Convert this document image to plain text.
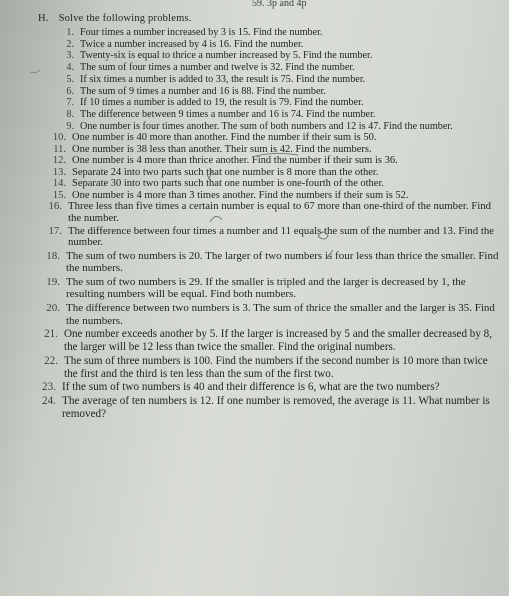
59. 3p and 4p
H. Solve the following problems.
1. Four times a number increased by 3 is 15. Find the number.
2. Twice a number increased by 4 is 16. Find the number.
3. Twenty-six is equal to thrice a number increased by 5. Find the number.
4. The sum of four times a number and twelve is 32. Find the number.
5. If six times a number is added to 33, the result is 75. Find the number.
6. The sum of 9 times a number and 16 is 88. Find the number.
7. If 10 times a number is added to 19, the result is 79. Find the number.
8. The difference between 9 times a number and 16 is 74. Find the number.
9. One number is four times another. The sum of both numbers and 12 is 47. Find the number.
10. One number is 40 more than another. Find the number if their sum is 50.
11. One number is 38 less than another. Their sum is 42. Find the numbers.
12. One number is 4 more than thrice another. Find the number if their sum is 36.
13. Separate 24 into two parts such that one number is 8 more than the other.
14. Separate 30 into two parts such that one number is one-fourth of the other.
15. One number is 4 more than 3 times another. Find the numbers if their sum is 52.
16. Three less than five times a certain number is equal to 67 more than one-third of the number. Find the number.
17. The difference between four times a number and 11 equals the sum of the number and 13. Find the number.
18. The sum of two numbers is 20. The larger of two numbers is four less than thrice the smaller. Find the numbers.
19. The sum of two numbers is 29. If the smaller is tripled and the larger is decreased by 1, the resulting numbers will be equal. Find both numbers.
20. The difference between two numbers is 3. The sum of thrice the smaller and the larger is 35. Find the numbers.
21. One number exceeds another by 5. If the larger is increased by 5 and the smaller decreased by 8, the larger will be 12 less than twice the smaller. Find the original numbers.
22. The sum of three numbers is 100. Find the numbers if the second number is 10 more than twice the first and the third is ten less than the sum of the first two.
23. If the sum of two numbers is 40 and their difference is 6, what are the two numbers?
24. The average of ten numbers is 12. If one number is removed, the average is 11. What number is removed?
